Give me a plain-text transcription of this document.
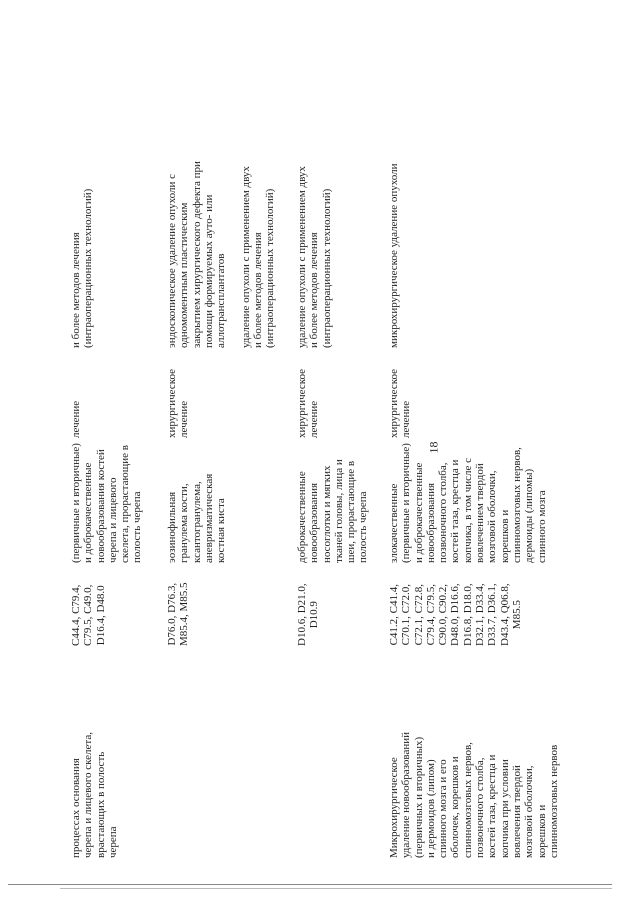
18
процессах основания
черепа и лицевого скелета,
врастающих в полость
черепа
C44.4, C79.4,
C79.5, C49.0,
D16.4, D48.0
(первичные и вторичные)
и доброкачественные
новообразования костей
черепа и лицевого
скелета, прорастающие в
полость черепа
лечение
и более методов лечения
(интраоперационных технологий)
D76.0, D76.3,
M85.4, M85.5
эозинофильная
гранулема кости,
ксантогранулема,
аневризматическая
костная киста
хирургическое
лечение
эндоскопическое удаление опухоли с
одномоментным пластическим
закрытием хирургического дефекта при
помощи формируемых ауто- или
аллотрансплантатов

удаление опухоли с применением двух
и более методов лечения
(интраоперационных технологий)
D10.6, D21.0,
D10.9
доброкачественные
новообразования
носоглотки и мягких
тканей головы, лица и
шеи, прорастающие в
полость черепа
хирургическое
лечение
удаление опухоли с применением двух
и более методов лечения
(интраоперационных технологий)
Микрохирургическое
удаление новообразований
(первичных и вторичных)
и дермоидов (липом)
спинного мозга и его
оболочек, корешков и
спинномозговых нервов,
позвоночного столба,
костей таза, крестца и
копчика при условии
вовлечения твердой
мозговой оболочки,
корешков и
спинномозговых нервов
C41.2, C41.4,
C70.1, C72.0,
C72.1, C72.8,
C79.4, C79.5,
C90.0, C90.2,
D48.0, D16.6,
D16.8, D18.0,
D32.1, D33.4,
D33.7, D36.1,
D43.4, Q06.8,
M85.5
злокачественные
(первичные и вторичные)
и доброкачественные
новообразования
позвоночного столба,
костей таза, крестца и
копчика, в том числе с
вовлечением твердой
мозговой оболочки,
корешков и
спинномозговых нервов,
дермоиды (липомы)
спинного мозга
хирургическое
лечение
микрохирургическое удаление опухоли
